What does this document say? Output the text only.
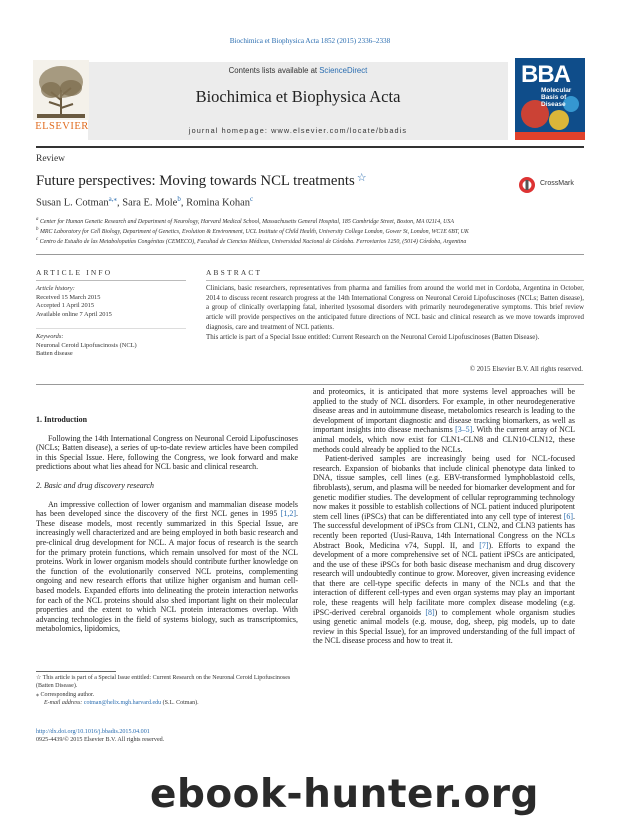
Biochimica et Biophysica Acta 1852 (2015) 2336–2338
Contents lists available at ScienceDirect
Biochimica et Biophysica Acta
journal homepage: www.elsevier.com/locate/bbadis
ELSEVIER
BBA
Molecular Basis of Disease
Review
Future perspectives: Moving towards NCL treatments ☆	CrossMark
Susan L. Cotman$^{a,⁎}$, Sara E. Mole$^b$, Romina Kohan$^c$
$^a$ Center for Human Genetic Research and Department of Neurology, Harvard Medical School, Massachusetts General Hospital, 185 Cambridge Street, Boston, MA 02114, USA
$^b$ MRC Laboratory for Cell Biology, Department of Genetics, Evolution & Environment, UCL Institute of Child Health, University College London, Gower St, London, WC1E 6BT, UK
$^c$ Centro de Estudio de las Metabolopatías Congénitas (CEMECO), Facultad de Ciencias Médicas, Universidad Nacional de Córdoba. Ferroviarios 1250, (5014) Córdoba, Argentina
ARTICLE INFO
Article history:
Received 15 March 2015
Accepted 1 April 2015
Available online 7 April 2015
Keywords:
Neuronal Ceroid Lipofuscinosis (NCL)
Batten disease
ABSTRACT

Clinicians, basic researchers, representatives from pharma and families from around the world met in Cordoba, Argentina in October, 2014 to discuss recent research progress at the 14th International Congress on Neuronal Ceroid Lipofuscinoses (NCLs; Batten disease), a group of clinically overlapping fatal, inherited lysosomal disorders with primarily neurodegenerative symptoms. This brief review article will provide perspectives on the anticipated future directions of NCL basic and clinical research as we move towards improved diagnosis, care and treatment of NCL patients.

This article is part of a Special Issue entitled: Current Research on the Neuronal Ceroid Lipofuscinoses (Batten Disease).

© 2015 Elsevier B.V. All rights reserved.

1. Introduction

Following the 14th International Congress on Neuronal Ceroid Lipofuscinoses (NCLs; Batten disease), a series of up-to-date review articles have been compiled in this Special Issue. Here, following the Congress, we look forward and make predictions about what lies ahead for NCL basic and clinical research.

2. Basic and drug discovery research

An impressive collection of lower organism and mammalian disease models has been developed since the discovery of the first NCL genes in 1995 [1,2]. These disease models, most recently summarized in this Special Issue, are increasingly well characterized and are being employed in both basic research and pre-clinical drug development for NCL. A major focus of research is the search for the primary protein functions, which remain unsolved for most of the NCL proteins. Work in lower organism models should contribute further knowledge on the function of the evolutionarily conserved NCL proteins, complementing ongoing and new research efforts that utilize higher organism and human cell-based models. Expanded efforts into delineating the protein interaction networks for each of the NCL proteins should also shed important light on their molecular properties and the extent to which NCL protein interactomes overlap. With advancing technologies in the field of systems biology, such as transcriptomics, metabolomics, lipidomics,

and proteomics, it is anticipated that more systems level approaches will be applied to the study of NCL disorders. For example, in other neurodegenerative disease areas and in autoimmune disease, metabolomics research is leading to the development of important diagnostic and disease tracking biomarkers, as well as important insights into disease mechanisms [3–5]. With the current array of NCL animal models, which now exist for CLN1-CLN8 and CLN10-CLN12, these methods could already be applied to the NCLs.

Patient-derived samples are increasingly being used for NCL-focused research. Expansion of biobanks that include clinical phenotype data linked to DNA, tissue samples, cell lines (e.g. EBV-transformed lymphoblastoid cells, fibroblasts), serum, and plasma will be needed for biomarker development and for genetic modifier studies. The development of cellular reprogramming technology now makes it possible to establish collections of NCL patient induced pluripotent stem cell lines (iPSCs) that can be differentiated into any cell type of interest [6]. The successful development of iPSCs from CLN1, CLN2, and CLN3 patients has recently been reported (Uusi-Rauva, 14th International Congress on the NCLs Abstract Book, Medicina v74, Suppl. II, and [7]). Efforts to expand the development of a more comprehensive set of NCL patient iPSCs are anticipated, and the use of these iPSCs for both basic disease mechanism and drug discovery research will undoubtedly continue to grow. Moreover, given increasing evidence that there are cell-type specific defects in many of the NCLs and that the interaction of different cell-types and even organ systems may play an important role, these reagents will help facilitate more complex disease modeling (e.g. iPSC-derived cerebral organoids [8]) to complement whole organism studies using genetic animal models (e.g. mouse, dog, sheep, pig models, up to date review in this Special Issue), for an improved understanding of the full impact of the NCL disease process and how to treat it.

☆ This article is part of a Special Issue entitled: Current Research on the Neuronal Ceroid Lipofuscinoses (Batten Disease).

⁎ Corresponding author.

E-mail address: cotman@helix.mgh.harvard.edu (S.L. Cotman).

http://dx.doi.org/10.1016/j.bbadis.2015.04.001
0925-4439/© 2015 Elsevier B.V. All rights reserved.
ebook-hunter.org
